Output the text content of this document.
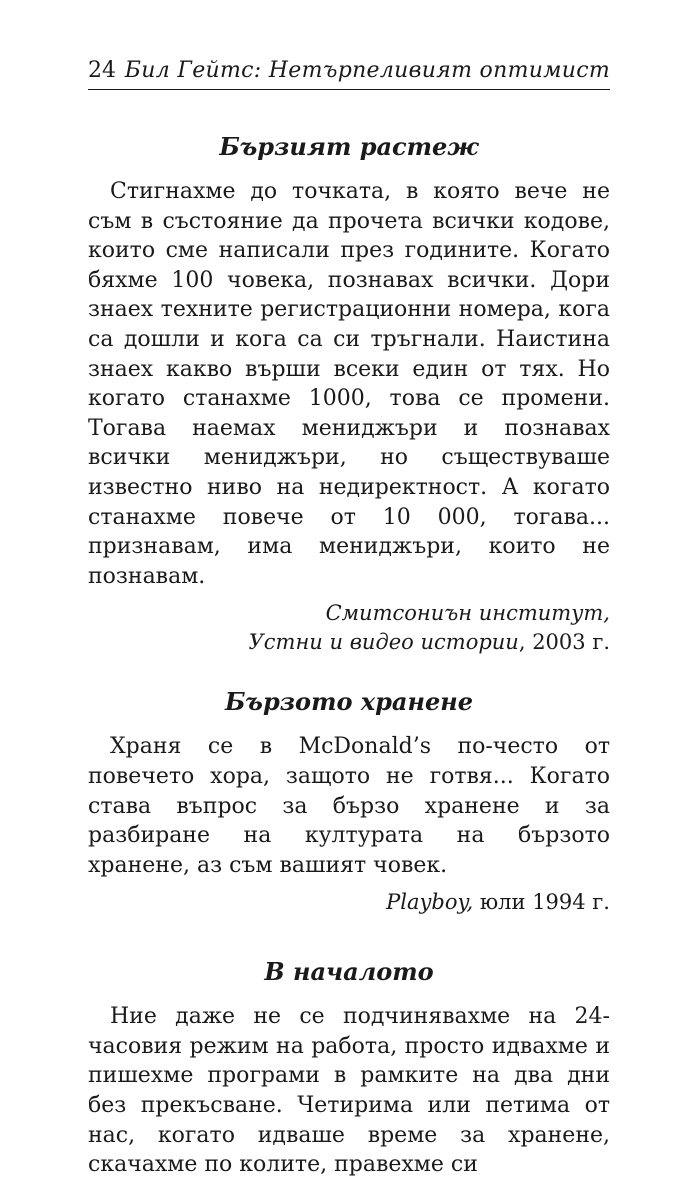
24 Бил Гейтс: Нетърпеливият оптимист
Бързият растеж

Стигнахме до точката, в която вече не съм в състояние да прочета всички кодове, които сме написали през годините. Когато бяхме 100 човека, познавах всички. Дори знаех техните регистрационни номера, кога са дошли и кога са си тръгнали. Наистина знаех какво върши всеки един от тях. Но когато станахме 1000, това се промени. Тогава наемах мениджъри и познавах всички мениджъри, но съществуваше известно ниво на недиректност. А когато станахме повече от 10 000, тогава... признавам, има мениджъри, които не познавам.

Смитсониън институт,
Устни и видео истории, 2003 г.
Бързото хранене

Храня се в McDonald’s по-често от повечето хора, защото не готвя... Когато става въпрос за бързо хранене и за разбиране на културата на бързото хранене, аз съм вашият човек.

Playboy, юли 1994 г.
В началото

Ние даже не се подчинявахме на 24-часовия режим на работа, просто идвахме и пишехме програми в рамките на два дни без прекъсване. Четирима или петима от нас, когато идваше време за хранене, скачахме по колите, правехме си
